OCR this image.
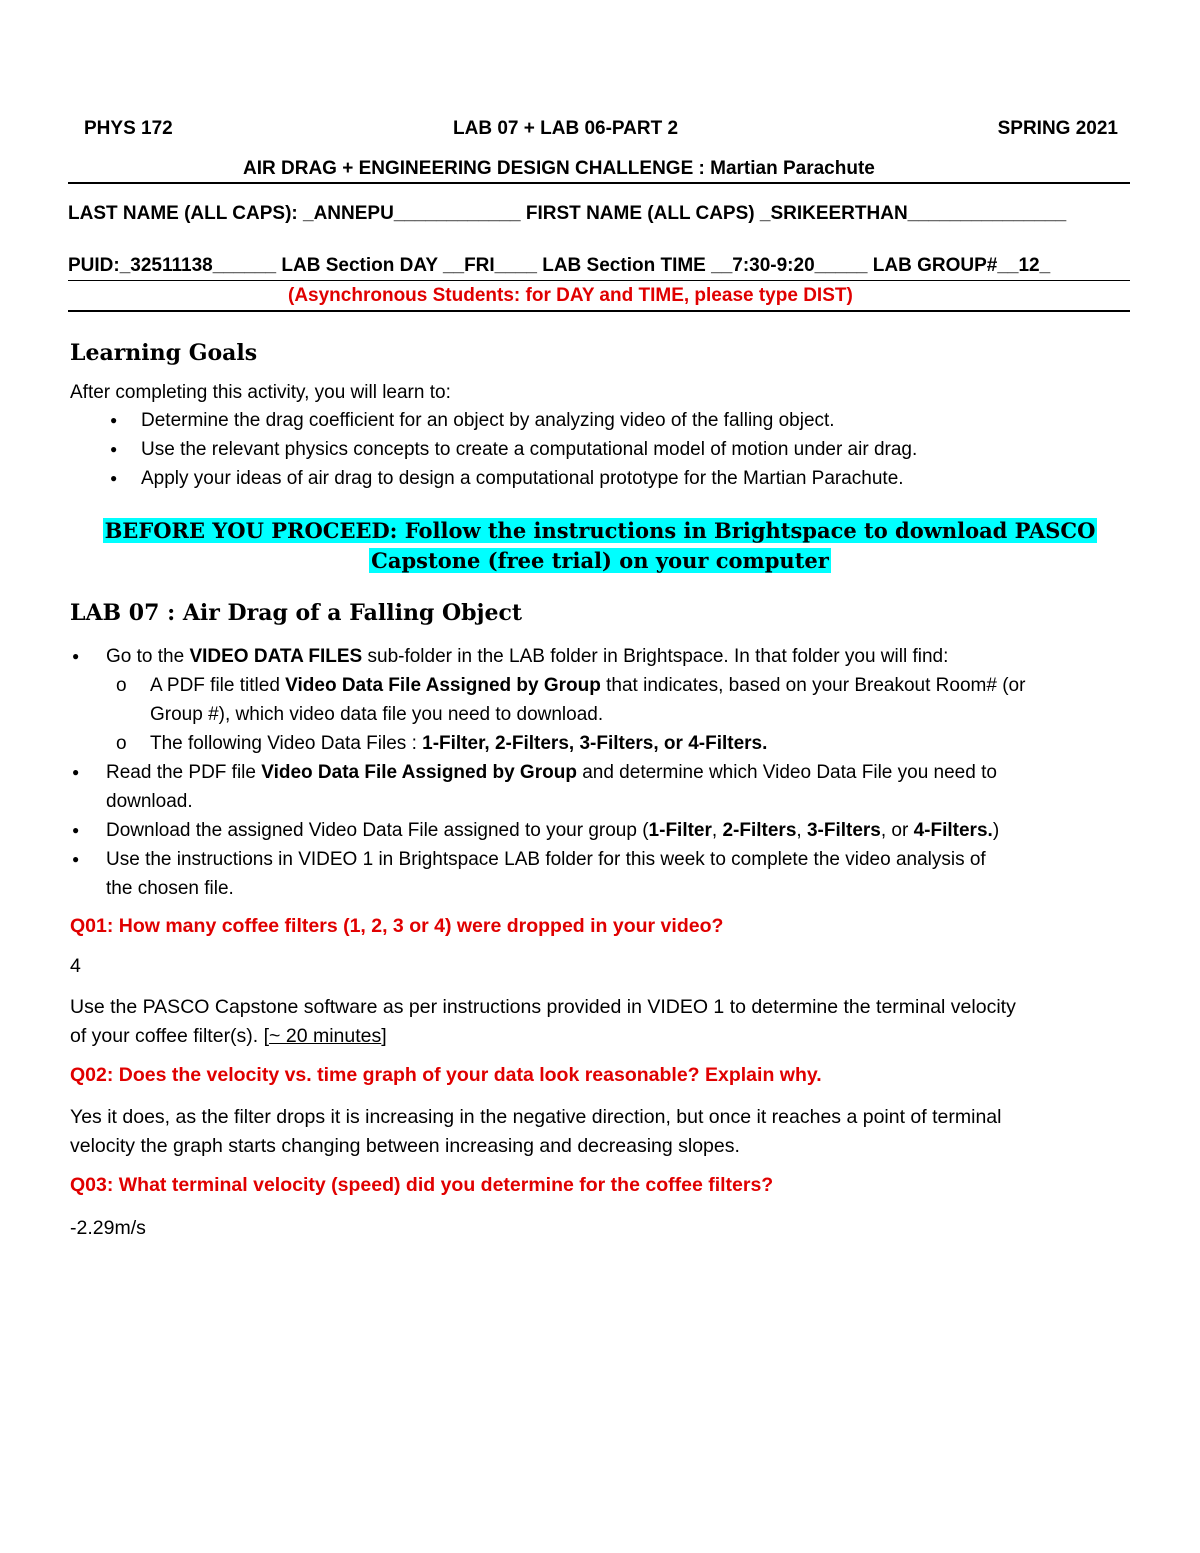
PHYS 172	LAB 07 + LAB 06-PART 2	SPRING 2021
AIR DRAG + ENGINEERING DESIGN CHALLENGE : Martian Parachute
LAST NAME (ALL CAPS): _ANNEPU____________ FIRST NAME (ALL CAPS) _SRIKEERTHAN_______________
PUID:_32511138______ LAB Section DAY __FRI____ LAB Section TIME __7:30-9:20_____ LAB GROUP#__12_
(Asynchronous Students: for DAY and TIME, please type DIST)
Learning Goals
After completing this activity, you will learn to:
● Determine the drag coefficient for an object by analyzing video of the falling object.
● Use the relevant physics concepts to create a computational model of motion under air drag.
● Apply your ideas of air drag to design a computational prototype for the Martian Parachute.
BEFORE YOU PROCEED: Follow the instructions in Brightspace to download PASCO
Capstone (free trial) on your computer
LAB 07 : Air Drag of a Falling Object
● Go to the VIDEO DATA FILES sub-folder in the LAB folder in Brightspace. In that folder you will find:
o A PDF file titled Video Data File Assigned by Group that indicates, based on your Breakout Room# (or
Group #), which video data file you need to download.
o The following Video Data Files : 1-Filter, 2-Filters, 3-Filters, or 4-Filters.
● Read the PDF file Video Data File Assigned by Group and determine which Video Data File you need to
download.
● Download the assigned Video Data File assigned to your group (1-Filter, 2-Filters, 3-Filters, or 4-Filters.)
● Use the instructions in VIDEO 1 in Brightspace LAB folder for this week to complete the video analysis of
the chosen file.
Q01: How many coffee filters (1, 2, 3 or 4) were dropped in your video?
4
Use the PASCO Capstone software as per instructions provided in VIDEO 1 to determine the terminal velocity
of your coffee filter(s). [~ 20 minutes]
Q02: Does the velocity vs. time graph of your data look reasonable? Explain why.
Yes it does, as the filter drops it is increasing in the negative direction, but once it reaches a point of terminal
velocity the graph starts changing between increasing and decreasing slopes.
Q03: What terminal velocity (speed) did you determine for the coffee filters?
-2.29m/s
